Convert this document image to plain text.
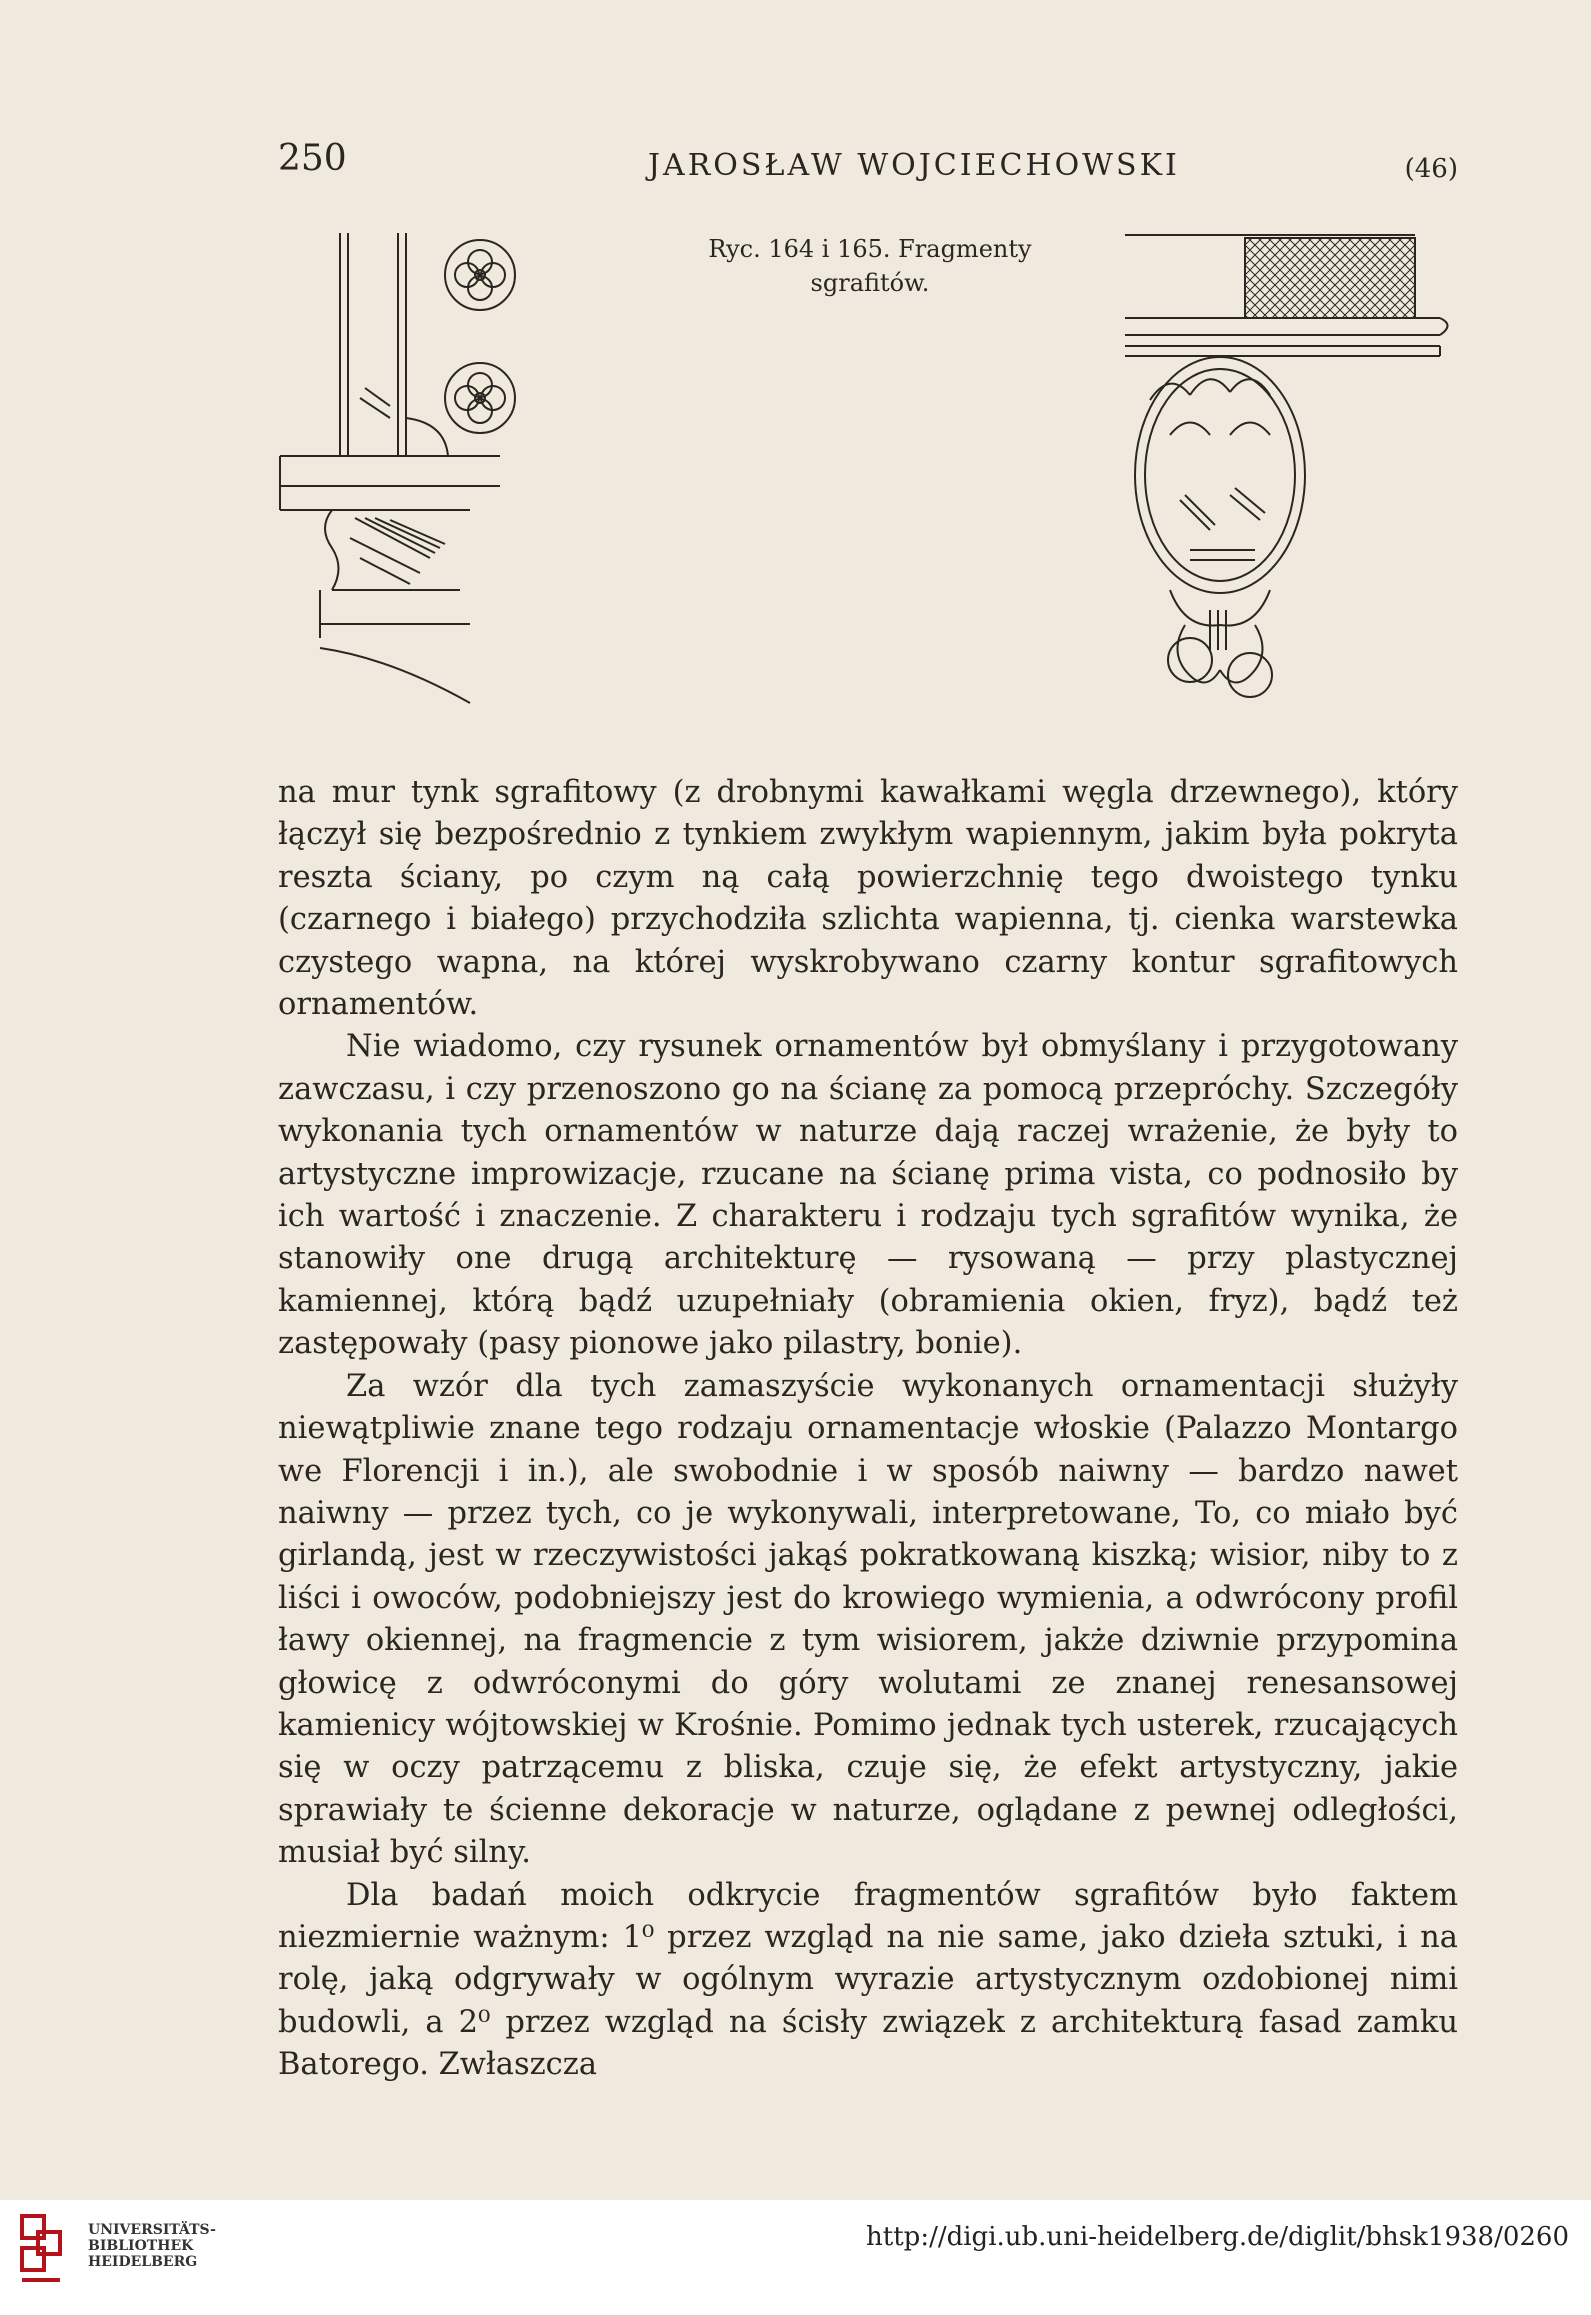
250	JAROSŁAW WOJCIECHOWSKI	(46)
Ryc. 164 i 165. Fragmenty
sgrafitów.

na mur tynk sgrafitowy (z drobnymi kawałkami węgla drzewnego), który łączył się bezpośrednio z tynkiem zwykłym wapiennym, jakim była pokryta reszta ściany, po czym ną całą powierzchnię tego dwoistego tynku (czarnego i białego) przychodziła szlichta wapienna, tj. cienka warstewka czystego wapna, na której wyskrobywano czarny kontur sgrafitowych ornamentów.

Nie wiadomo, czy rysunek ornamentów był obmyślany i przygotowany zawczasu, i czy przenoszono go na ścianę za pomocą przepróchy. Szczegóły wykonania tych ornamentów w naturze dają raczej wrażenie, że były to artystyczne improwizacje, rzucane na ścianę prima vista, co podnosiło by ich wartość i znaczenie. Z charakteru i rodzaju tych sgrafitów wynika, że stanowiły one drugą architekturę — rysowaną — przy plastycznej kamiennej, którą bądź uzupełniały (obramienia okien, fryz), bądź też zastępowały (pasy pionowe jako pilastry, bonie).

Za wzór dla tych zamaszyście wykonanych ornamentacji służyły niewątpliwie znane tego rodzaju ornamentacje włoskie (Palazzo Montargo we Florencji i in.), ale swobodnie i w sposób naiwny — bardzo nawet naiwny — przez tych, co je wykonywali, interpretowane, To, co miało być girlandą, jest w rzeczywistości jakąś pokratkowaną kiszką; wisior, niby to z liści i owoców, podobniejszy jest do krowiego wymienia, a odwrócony profil ławy okiennej, na fragmencie z tym wisiorem, jakże dziwnie przypomina głowicę z odwróconymi do góry wolutami ze znanej renesansowej kamienicy wójtowskiej w Krośnie. Pomimo jednak tych usterek, rzucających się w oczy patrzącemu z bliska, czuje się, że efekt artystyczny, jakie sprawiały te ścienne dekoracje w naturze, oglądane z pewnej odległości, musiał być silny.

Dla badań moich odkrycie fragmentów sgrafitów było faktem niezmiernie ważnym: 1⁰ przez wzgląd na nie same, jako dzieła sztuki, i na rolę, jaką odgrywały w ogólnym wyrazie artystycznym ozdobionej nimi budowli, a 2⁰ przez wzgląd na ścisły związek z architekturą fasad zamku Batorego. Zwłaszcza

UNIVERSITÄTS-
BIBLIOTHEK
HEIDELBERG
http://digi.ub.uni-heidelberg.de/diglit/bhsk1938/0260
